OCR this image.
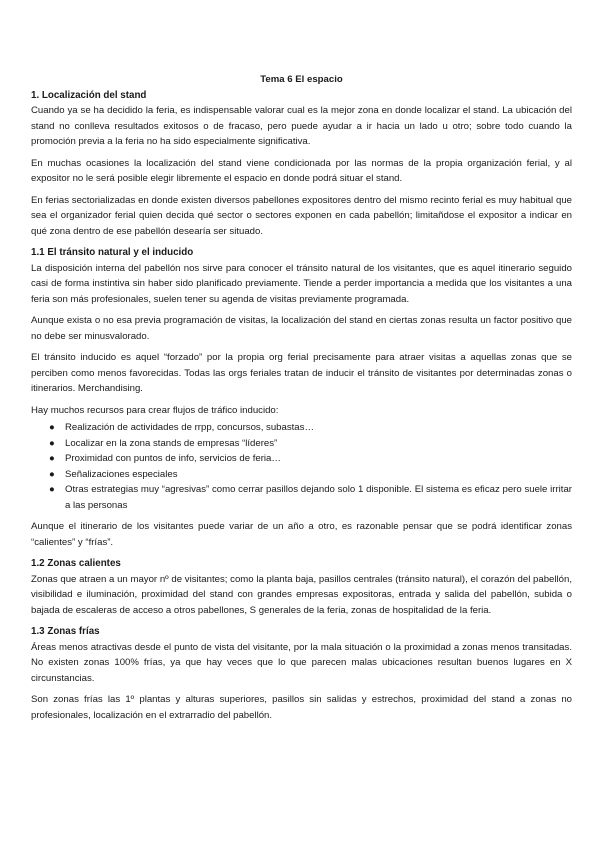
Tema 6 El espacio
1. Localización del stand

Cuando ya se ha decidido la feria, es indispensable valorar cual es la mejor zona en donde localizar el stand. La ubicación del stand no conlleva resultados exitosos o de fracaso, pero puede ayudar a ir hacia un lado u otro; sobre todo cuando la promoción previa a la feria no ha sido especialmente significativa.

En muchas ocasiones la localización del stand viene condicionada por las normas de la propia organización ferial, y al expositor no le será posible elegir libremente el espacio en donde podrá situar el stand.

En ferias sectorializadas en donde existen diversos pabellones expositores dentro del mismo recinto ferial es muy habitual que sea el organizador ferial quien decida qué sector o sectores exponen en cada pabellón; limitañdose el expositor a indicar en qué zona dentro de ese pabellón desearía ser situado.

1.1 El tránsito natural y el inducido

La disposición interna del pabellón nos sirve para conocer el tránsito natural de los visitantes, que es aquel itinerario seguido casi de forma instintiva sin haber sido planificado previamente. Tiende a perder importancia a medida que los visitantes a una feria son más profesionales, suelen tener su agenda de visitas previamente programada.

Aunque exista o no esa previa programación de visitas, la localización del stand en ciertas zonas resulta un factor positivo que no debe ser minusvalorado.

El tránsito inducido es aquel “forzado” por la propia org ferial precisamente para atraer visitas a aquellas zonas que se perciben como menos favorecidas. Todas las orgs feriales tratan de inducir el tránsito de visitantes por determinadas zonas o itinerarios. Merchandising.

Hay muchos recursos para crear flujos de tráfico inducido:

● Realización de actividades de rrpp, concursos, subastas…
● Localizar en la zona stands de empresas “líderes”
● Proximidad con puntos de info, servicios de feria…
● Señalizaciones especiales
● Otras estrategias muy “agresivas” como cerrar pasillos dejando solo 1 disponible. El sistema es eficaz pero suele irritar a las personas

Aunque el itinerario de los visitantes puede variar de un año a otro, es razonable pensar que se podrá identificar zonas “calientes” y “frías”.

1.2 Zonas calientes

Zonas que atraen a un mayor nº de visitantes; como la planta baja, pasillos centrales (tránsito natural), el corazón del pabellón, visibilidad e iluminación, proximidad del stand con grandes empresas expositoras, entrada y salida del pabellón, subida o bajada de escaleras de acceso a otros pabellones, S generales de la feria, zonas de hospitalidad de la feria.

1.3 Zonas frías

Áreas menos atractivas desde el punto de vista del visitante, por la mala situación o la proximidad a zonas menos transitadas. No existen zonas 100% frías, ya que hay veces que lo que parecen malas ubicaciones resultan buenos lugares en X circunstancias.

Son zonas frías las 1º plantas y alturas superiores, pasillos sin salidas y estrechos, proximidad del stand a zonas no profesionales, localización en el extrarradio del pabellón.
